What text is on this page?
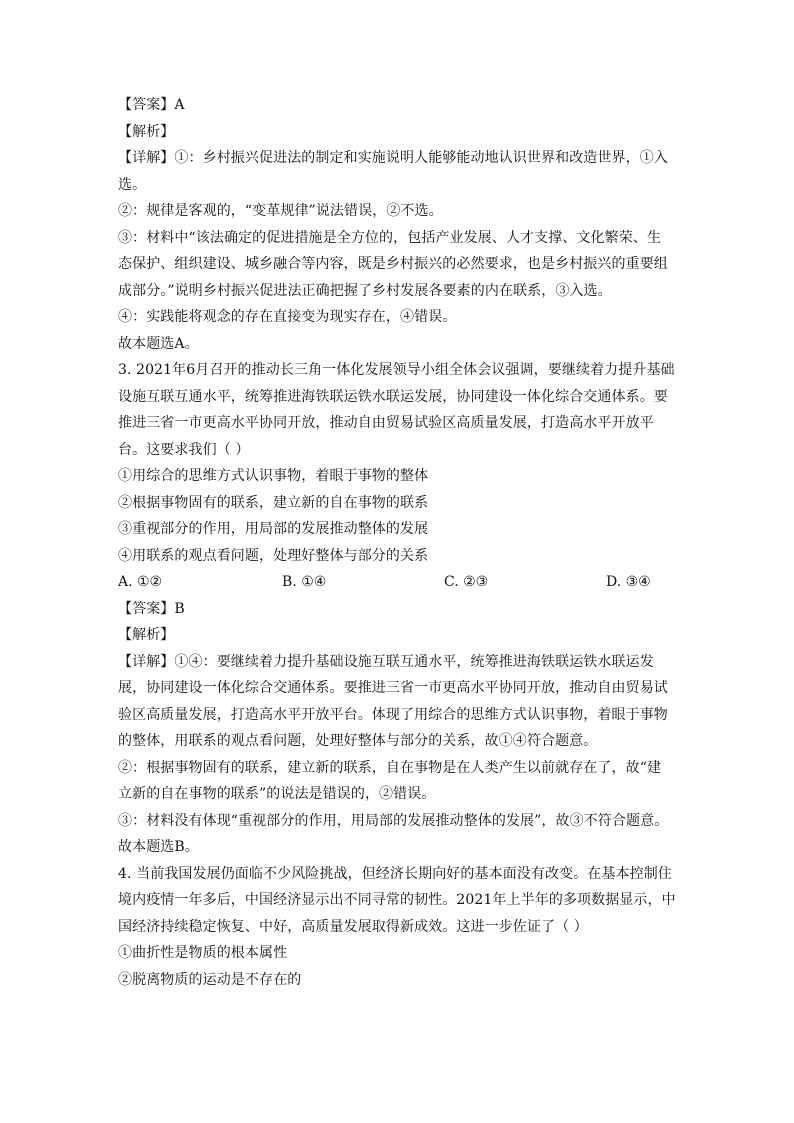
【答案】A
【解析】
【详解】①：乡村振兴促进法的制定和实施说明人能够能动地认识世界和改造世界，①入
选。
②：规律是客观的，“变革规律”说法错误，②不选。
③：材料中“该法确定的促进措施是全方位的，包括产业发展、人才支撑、文化繁荣、生
态保护、组织建设、城乡融合等内容，既是乡村振兴的必然要求，也是乡村振兴的重要组
成部分。”说明乡村振兴促进法正确把握了乡村发展各要素的内在联系，③入选。
④：实践能将观念的存在直接变为现实存在，④错误。
故本题选A。
3. 2021年6月召开的推动长三角一体化发展领导小组全体会议强调，要继续着力提升基础
设施互联互通水平，统筹推进海铁联运铁水联运发展，协同建设一体化综合交通体系。要
推进三省一市更高水平协同开放，推动自由贸易试验区高质量发展，打造高水平开放平
台。这要求我们（ ）
①用综合的思维方式认识事物，着眼于事物的整体
②根据事物固有的联系，建立新的自在事物的联系
③重视部分的作用，用局部的发展推动整体的发展
④用联系的观点看问题，处理好整体与部分的关系
A. ①②	B. ①④	C. ②③	D. ③④
【答案】B
【解析】
【详解】①④：要继续着力提升基础设施互联互通水平，统筹推进海铁联运铁水联运发
展，协同建设一体化综合交通体系。要推进三省一市更高水平协同开放，推动自由贸易试
验区高质量发展，打造高水平开放平台。体现了用综合的思维方式认识事物，着眼于事物
的整体，用联系的观点看问题，处理好整体与部分的关系，故①④符合题意。
②：根据事物固有的联系，建立新的联系，自在事物是在人类产生以前就存在了，故“建
立新的自在事物的联系”的说法是错误的，②错误。
③：材料没有体现“重视部分的作用，用局部的发展推动整体的发展”，故③不符合题意。
故本题选B。
4. 当前我国发展仍面临不少风险挑战，但经济长期向好的基本面没有改变。在基本控制住
境内疫情一年多后，中国经济显示出不同寻常的韧性。2021年上半年的多项数据显示，中
国经济持续稳定恢复、中好，高质量发展取得新成效。这进一步佐证了（ ）
①曲折性是物质的根本属性
②脱离物质的运动是不存在的
